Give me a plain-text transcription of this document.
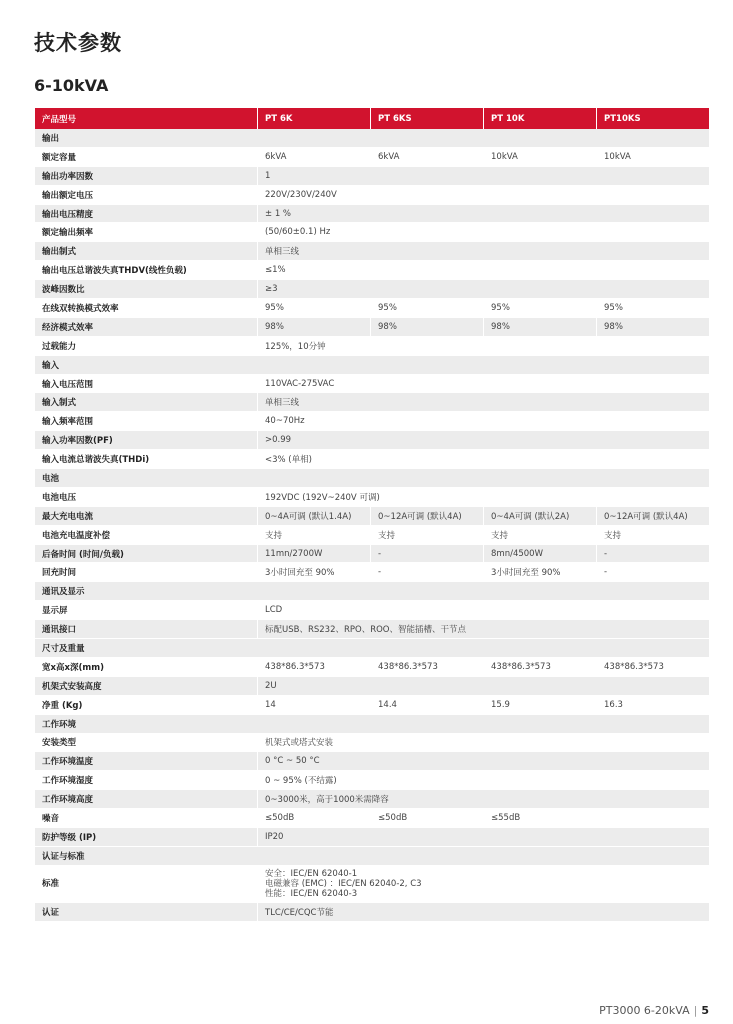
技术参数
6-10kVA
产品型号	PT 6K	PT 6KS	PT 10K	PT10KS
输出				
额定容量	6kVA	6kVA	10kVA	10kVA
输出功率因数	1			
输出额定电压	220V/230V/240V			
输出电压精度	± 1 %			
额定输出频率	(50/60±0.1) Hz			
输出制式	单相三线			
输出电压总谐波失真THDV(线性负载)	≤1%			
波峰因数比	≥3			
在线双转换模式效率	95%	95%	95%	95%
经济模式效率	98%	98%	98%	98%
过载能力	125%，10分钟			
输入				
输入电压范围	110VAC-275VAC			
输入制式	单相三线			
输入频率范围	40~70Hz			
输入功率因数(PF)	>0.99			
输入电流总谐波失真(THDi)	<3% (单相)			
电池				
电池电压	192VDC (192V~240V 可调)			
最大充电电流	0~4A可调 (默认1.4A)	0~12A可调 (默认4A)	0~4A可调 (默认2A)	0~12A可调 (默认4A)
电池充电温度补偿	支持	支持	支持	支持
后备时间 (时间/负载)	11mn/2700W	-	8mn/4500W	-
回充时间	3小时回充至 90%	-	3小时回充至 90%	-
通讯及显示				
显示屏	LCD			
通讯接口	标配USB、RS232、RPO、ROO、智能插槽、干节点			
尺寸及重量				
宽x高x深(mm)	438*86.3*573	438*86.3*573	438*86.3*573	438*86.3*573
机架式安装高度	2U			
净重 (Kg)	14	14.4	15.9	16.3
工作环境				
安装类型	机架式或塔式安装			
工作环境温度	0 °C ~ 50 °C			
工作环境湿度	0 ~ 95% (不结露)			
工作环境高度	0~3000米，高于1000米需降容			
噪音	≤50dB	≤50dB	≤55dB	
防护等级 (IP)	IP20			
认证与标准				
标准	安全：IEC/EN 62040-1
电磁兼容 (EMC) ：IEC/EN 62040-2, C3
性能：IEC/EN 62040-3			

认证	TLC/CE/CQC节能			
PT3000 6-20kVA | 5
